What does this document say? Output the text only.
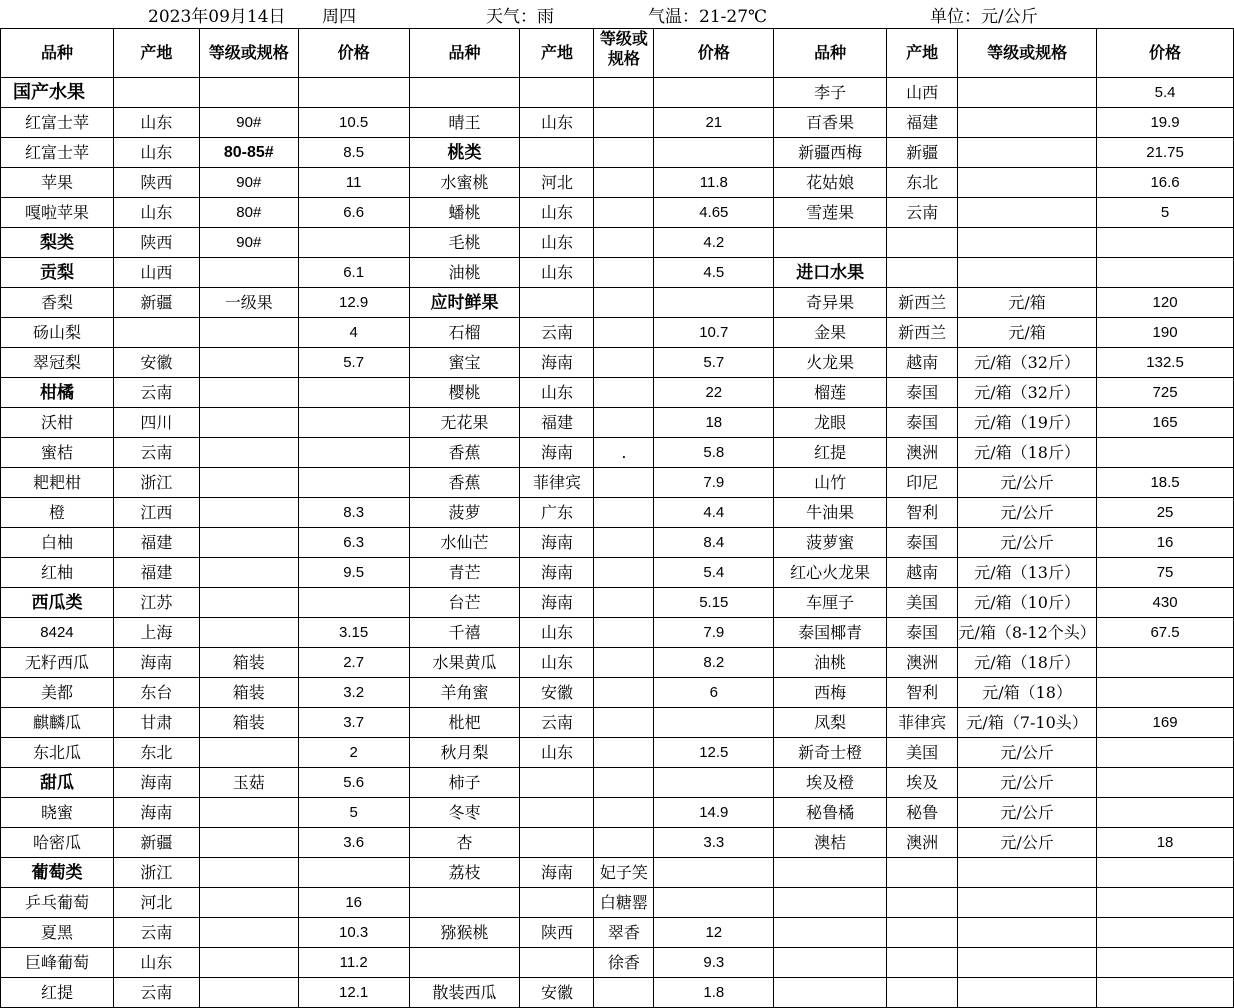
2023年09月14日 周四	天气：雨	气温：21-27℃	单位：元/公斤
品种	产地	等级或规格	价格	品种	产地	等级或规格	价格	品种	产地	等级或规格	价格
国产水果								李子	山西		5.4
红富士苹	山东	90#	10.5	晴王	山东		21	百香果	福建		19.9
红富士苹	山东	80-85#	8.5	桃类				新疆西梅	新疆		21.75
苹果	陕西	90#	11	水蜜桃	河北		11.8	花姑娘	东北		16.6
嘎啦苹果	山东	80#	6.6	蟠桃	山东		4.65	雪莲果	云南		5
梨类	陕西	90#		毛桃	山东		4.2				
贡梨	山西		6.1	油桃	山东		4.5	进口水果			
香梨	新疆	一级果	12.9	应时鲜果				奇异果	新西兰	元/箱	120
砀山梨			4	石榴	云南		10.7	金果	新西兰	元/箱	190
翠冠梨	安徽		5.7	蜜宝	海南		5.7	火龙果	越南	元/箱（32斤）	132.5
柑橘	云南			樱桃	山东		22	榴莲	泰国	元/箱（32斤）	725
沃柑	四川			无花果	福建		18	龙眼	泰国	元/箱（19斤）	165
蜜桔	云南			香蕉	海南	.	5.8	红提	澳洲	元/箱（18斤）	
耙耙柑	浙江			香蕉	菲律宾		7.9	山竹	印尼	元/公斤	18.5
橙	江西		8.3	菠萝	广东		4.4	牛油果	智利	元/公斤	25
白柚	福建		6.3	水仙芒	海南		8.4	菠萝蜜	泰国	元/公斤	16
红柚	福建		9.5	青芒	海南		5.4	红心火龙果	越南	元/箱（13斤）	75
西瓜类	江苏			台芒	海南		5.15	车厘子	美国	元/箱（10斤）	430
8424	上海		3.15	千禧	山东		7.9	泰国椰青	泰国	元/箱（8-12个头）	67.5
无籽西瓜	海南	箱装	2.7	水果黄瓜	山东		8.2	油桃	澳洲	元/箱（18斤）	
美都	东台	箱装	3.2	羊角蜜	安徽		6	西梅	智利	元/箱（18）	
麒麟瓜	甘肃	箱装	3.7	枇杷	云南			凤梨	菲律宾	元/箱（7-10头）	169
东北瓜	东北		2	秋月梨	山东		12.5	新奇士橙	美国	元/公斤	
甜瓜	海南	玉菇	5.6	柿子				埃及橙	埃及	元/公斤	
晓蜜	海南		5	冬枣			14.9	秘鲁橘	秘鲁	元/公斤	
哈密瓜	新疆		3.6	杏			3.3	澳桔	澳洲	元/公斤	18
葡萄类	浙江			荔枝	海南	妃子笑					
乒乓葡萄	河北		16			白糖罂					
夏黑	云南		10.3	猕猴桃	陕西	翠香	12				
巨峰葡萄	山东		11.2			徐香	9.3				
红提	云南		12.1	散装西瓜	安徽		1.8				
